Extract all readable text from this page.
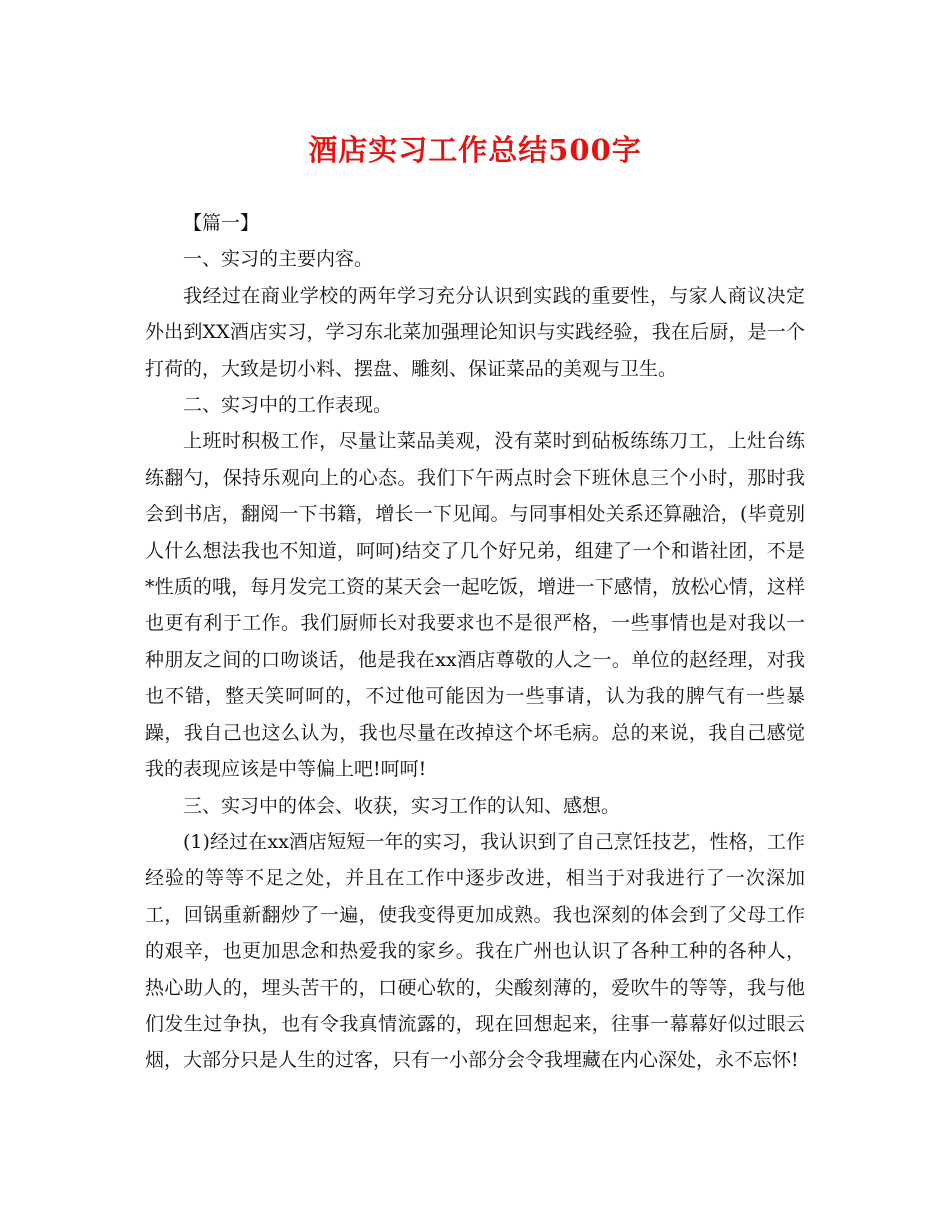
酒店实习工作总结500字

【篇一】

一、实习的主要内容。

我经过在商业学校的两年学习充分认识到实践的重要性，与家人商议决定外出到XX酒店实习，学习东北菜加强理论知识与实践经验，我在后厨，是一个打荷的，大致是切小料、摆盘、雕刻、保证菜品的美观与卫生。

二、实习中的工作表现。

上班时积极工作，尽量让菜品美观，没有菜时到砧板练练刀工，上灶台练练翻勺，保持乐观向上的心态。我们下午两点时会下班休息三个小时，那时我会到书店，翻阅一下书籍，增长一下见闻。与同事相处关系还算融洽，(毕竟别人什么想法我也不知道，呵呵)结交了几个好兄弟，组建了一个和谐社团，不是*性质的哦，每月发完工资的某天会一起吃饭，增进一下感情，放松心情，这样也更有利于工作。我们厨师长对我要求也不是很严格，一些事情也是对我以一种朋友之间的口吻谈话，他是我在xx酒店尊敬的人之一。单位的赵经理，对我也不错，整天笑呵呵的，不过他可能因为一些事请，认为我的脾气有一些暴躁，我自己也这么认为，我也尽量在改掉这个坏毛病。总的来说，我自己感觉我的表现应该是中等偏上吧!呵呵!

三、实习中的体会、收获，实习工作的认知、感想。

(1)经过在xx酒店短短一年的实习，我认识到了自己烹饪技艺，性格，工作经验的等等不足之处，并且在工作中逐步改进，相当于对我进行了一次深加工，回锅重新翻炒了一遍，使我变得更加成熟。我也深刻的体会到了父母工作的艰辛，也更加思念和热爱我的家乡。我在广州也认识了各种工种的各种人，热心助人的，埋头苦干的，口硬心软的，尖酸刻薄的，爱吹牛的等等，我与他们发生过争执，也有令我真情流露的，现在回想起来，往事一幕幕好似过眼云烟，大部分只是人生的过客，只有一小部分会令我埋藏在内心深处，永不忘怀!
